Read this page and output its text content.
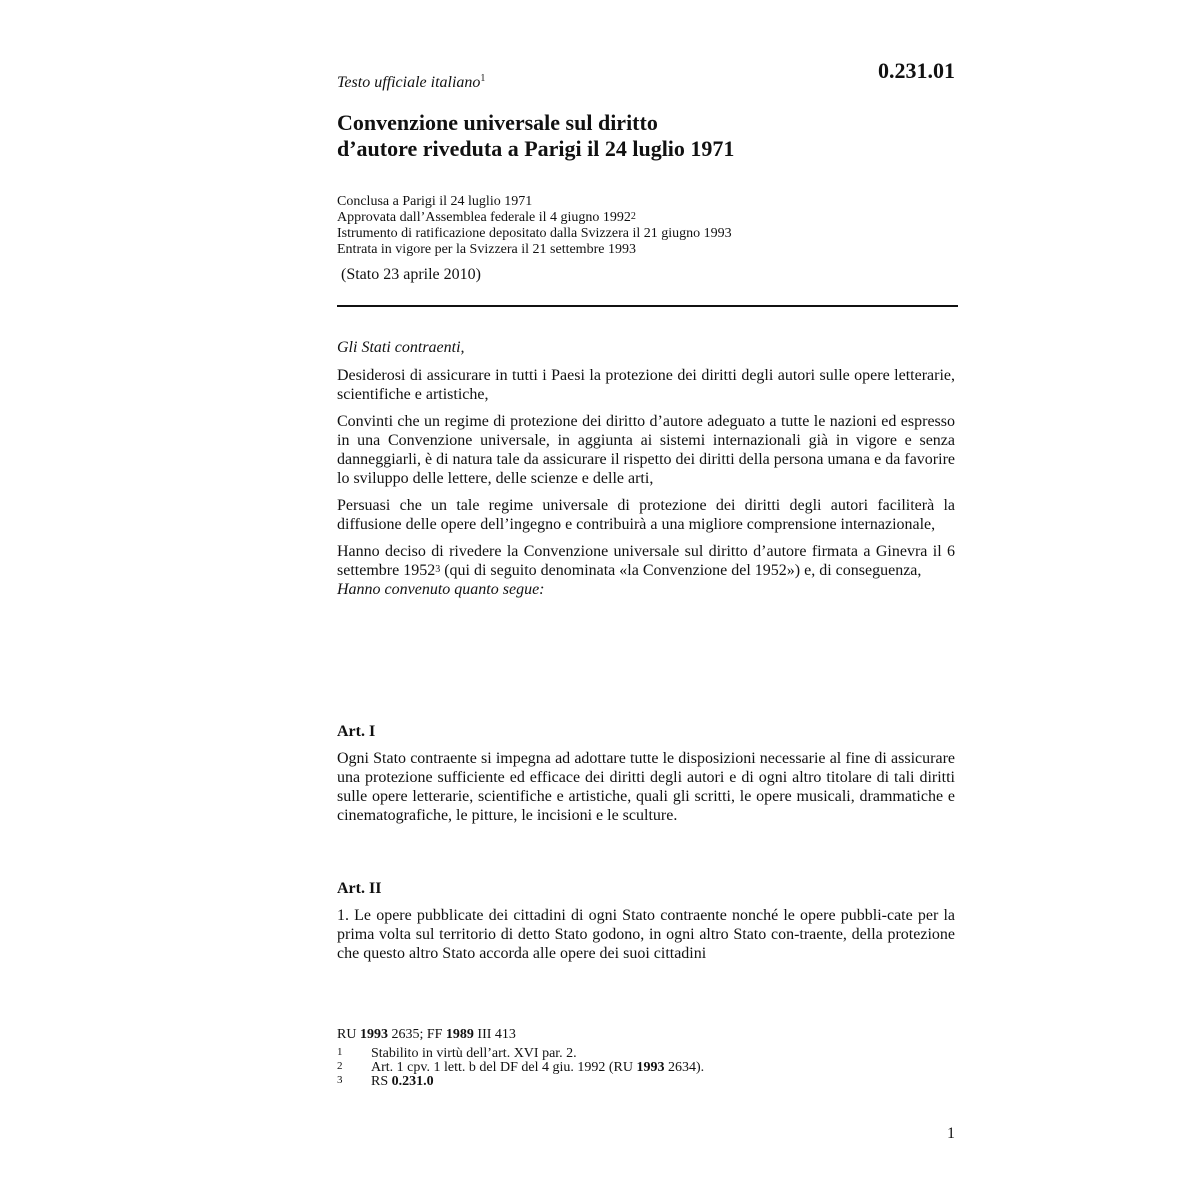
0.231.01
Testo ufficiale italiano$^1$
Convenzione universale sul diritto
d’autore riveduta a Parigi il 24 luglio 1971
Conclusa a Parigi il 24 luglio 1971
Approvata dall’Assemblea federale il 4 giugno 1992$^2$
Istrumento di ratificazione depositato dalla Svizzera il 21 giugno 1993
Entrata in vigore per la Svizzera il 21 settembre 1993
(Stato 23 aprile 2010)

Gli Stati contraenti,

Desiderosi di assicurare in tutti i Paesi la protezione dei diritti degli autori sulle opere letterarie, scientifiche e artistiche,

Convinti che un regime di protezione dei diritto d’autore adeguato a tutte le nazioni ed espresso in una Convenzione universale, in aggiunta ai sistemi internazionali già in vigore e senza danneggiarli, è di natura tale da assicurare il rispetto dei diritti della persona umana e da favorire lo sviluppo delle lettere, delle scienze e delle arti,

Persuasi che un tale regime universale di protezione dei diritti degli autori faciliterà la diffusione delle opere dell’ingegno e contribuirà a una migliore comprensione internazionale,

Hanno deciso di rivedere la Convenzione universale sul diritto d’autore firmata a Ginevra il 6 settembre 1952$^3$ (qui di seguito denominata «la Convenzione del 1952») e, di conseguenza,

Hanno convenuto quanto segue:

Art. I

Ogni Stato contraente si impegna ad adottare tutte le disposizioni necessarie al fine di assicurare una protezione sufficiente ed efficace dei diritti degli autori e di ogni altro titolare di tali diritti sulle opere letterarie, scientifiche e artistiche, quali gli scritti, le opere musicali, drammatiche e cinematografiche, le pitture, le incisioni e le sculture.

Art. II

1. Le opere pubblicate dei cittadini di ogni Stato contraente nonché le opere pubbli-cate per la prima volta sul territorio di detto Stato godono, in ogni altro Stato con-traente, della protezione che questo altro Stato accorda alle opere dei suoi cittadini

RU 1993 2635; FF 1989 III 413
1	Stabilito in virtù dell’art. XVI par. 2.
2	Art. 1 cpv. 1 lett. b del DF del 4 giu. 1992 (RU 1993 2634).
3	RS 0.231.0
1
